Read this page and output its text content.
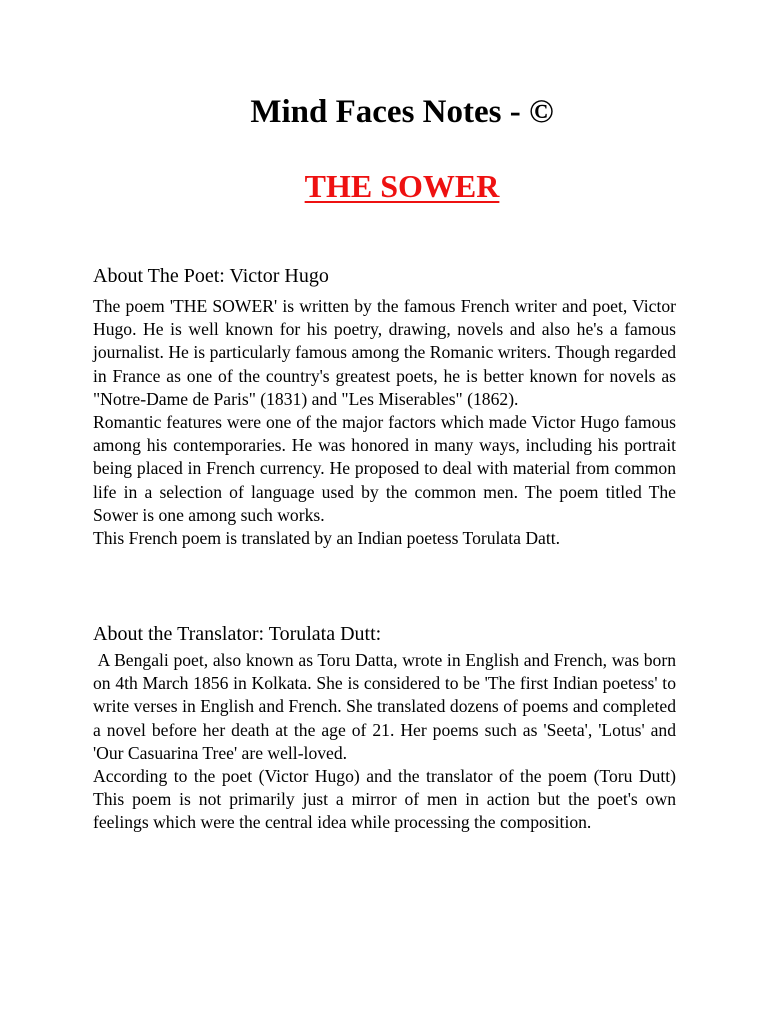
Mind Faces Notes - ©
THE SOWER
About The Poet: Victor Hugo

The poem 'THE SOWER' is written by the famous French writer and poet, Victor Hugo. He is well known for his poetry, drawing, novels and also he's a famous journalist. He is particularly famous among the Romanic writers. Though regarded in France as one of the country's greatest poets, he is better known for novels as "Notre-Dame de Paris" (1831) and "Les Miserables" (1862).

Romantic features were one of the major factors which made Victor Hugo famous among his contemporaries. He was honored in many ways, including his portrait being placed in French currency. He proposed to deal with material from common life in a selection of language used by the common men. The poem titled The Sower is one among such works.

This French poem is translated by an Indian poetess Torulata Datt.

About the Translator: Torulata Dutt:

A Bengali poet, also known as Toru Datta, wrote in English and French, was born on 4th March 1856 in Kolkata. She is considered to be 'The first Indian poetess' to write verses in English and French. She translated dozens of poems and completed a novel before her death at the age of 21. Her poems such as 'Seeta', 'Lotus' and 'Our Casuarina Tree' are well-loved.

According to the poet (Victor Hugo) and the translator of the poem (Toru Dutt) This poem is not primarily just a mirror of men in action but the poet's own feelings which were the central idea while processing the composition.
